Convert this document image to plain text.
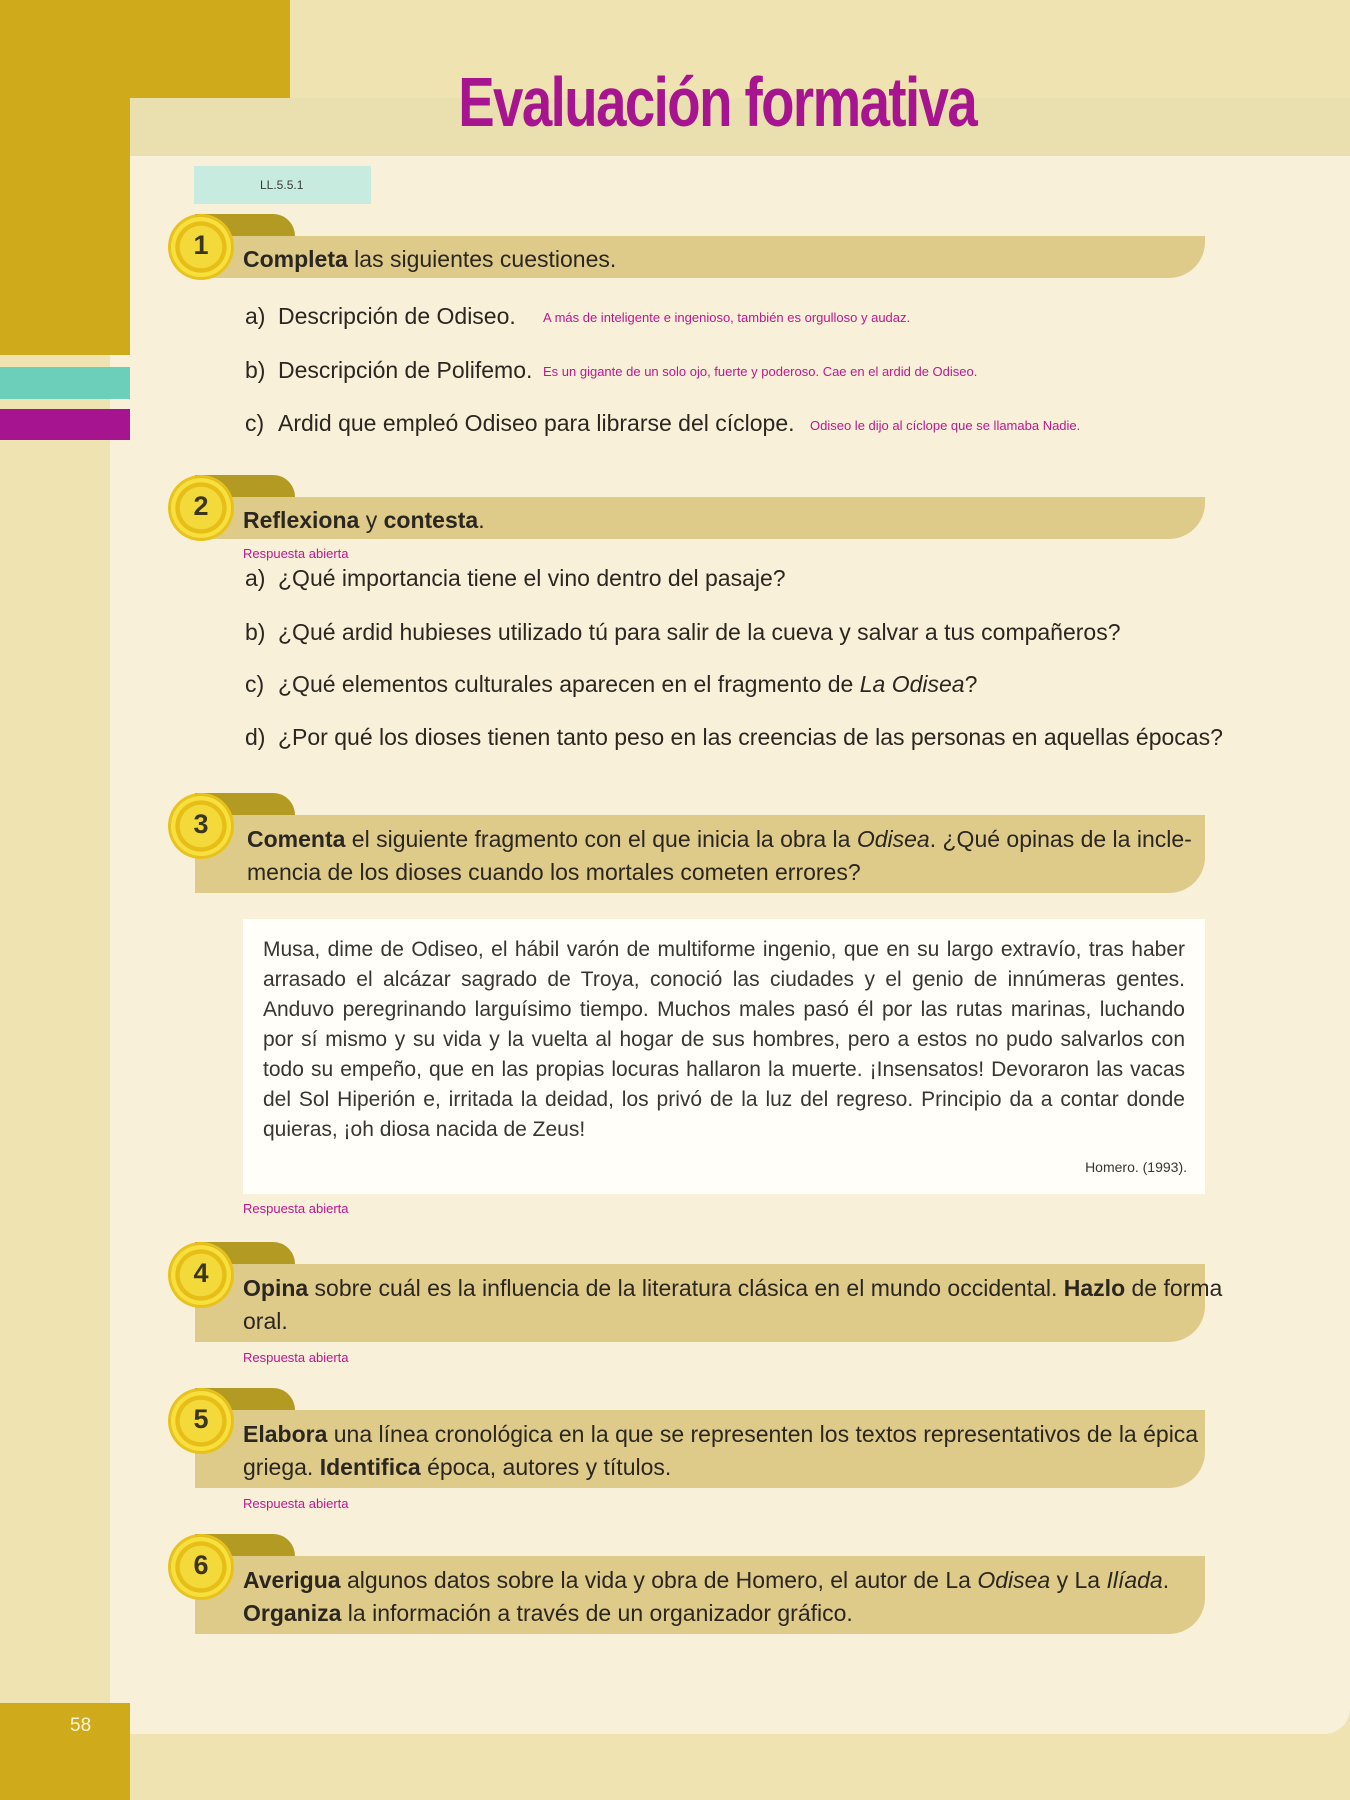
58
Evaluación formativa
LL.5.5.1
1	Completa las siguientes cuestiones.
a) Descripción de Odiseo. A más de inteligente e ingenioso, también es orgulloso y audaz.
b) Descripción de Polifemo. Es un gigante de un solo ojo, fuerte y poderoso. Cae en el ardid de Odiseo.
c) Ardid que empleó Odiseo para librarse del cíclope. Odiseo le dijo al cíclope que se llamaba Nadie.
2	Reflexiona y contesta.
Respuesta abierta
a) ¿Qué importancia tiene el vino dentro del pasaje?
b) ¿Qué ardid hubieses utilizado tú para salir de la cueva y salvar a tus compañeros?
c) ¿Qué elementos culturales aparecen en el fragmento de La Odisea?
d) ¿Por qué los dioses tienen tanto peso en las creencias de las personas en aquellas épocas?
3	Comenta el siguiente fragmento con el que inicia la obra la Odisea. ¿Qué opinas de la incle-
mencia de los dioses cuando los mortales cometen errores?
Musa, dime de Odiseo, el hábil varón de multiforme ingenio, que en su largo extravío, tras haber arrasado el alcázar sagrado de Troya, conoció las ciudades y el genio de innúmeras gentes. Anduvo peregrinando larguísimo tiempo. Muchos males pasó él por las rutas marinas, luchando por sí mismo y su vida y la vuelta al hogar de sus hombres, pero a estos no pudo salvarlos con todo su empeño, que en las propias locuras hallaron la muerte. ¡Insensatos! Devoraron las vacas del Sol Hiperión e, irritada la deidad, los privó de la luz del regreso. Principio da a contar donde quieras, ¡oh diosa nacida de Zeus!
Homero. (1993).
Respuesta abierta
4	Opina sobre cuál es la influencia de la literatura clásica en el mundo occidental. Hazlo de forma
oral.
Respuesta abierta
5	Elabora una línea cronológica en la que se representen los textos representativos de la épica
griega. Identifica época, autores y títulos.
Respuesta abierta
6	Averigua algunos datos sobre la vida y obra de Homero, el autor de La Odisea y La Ilíada.
Organiza la información a través de un organizador gráfico.
